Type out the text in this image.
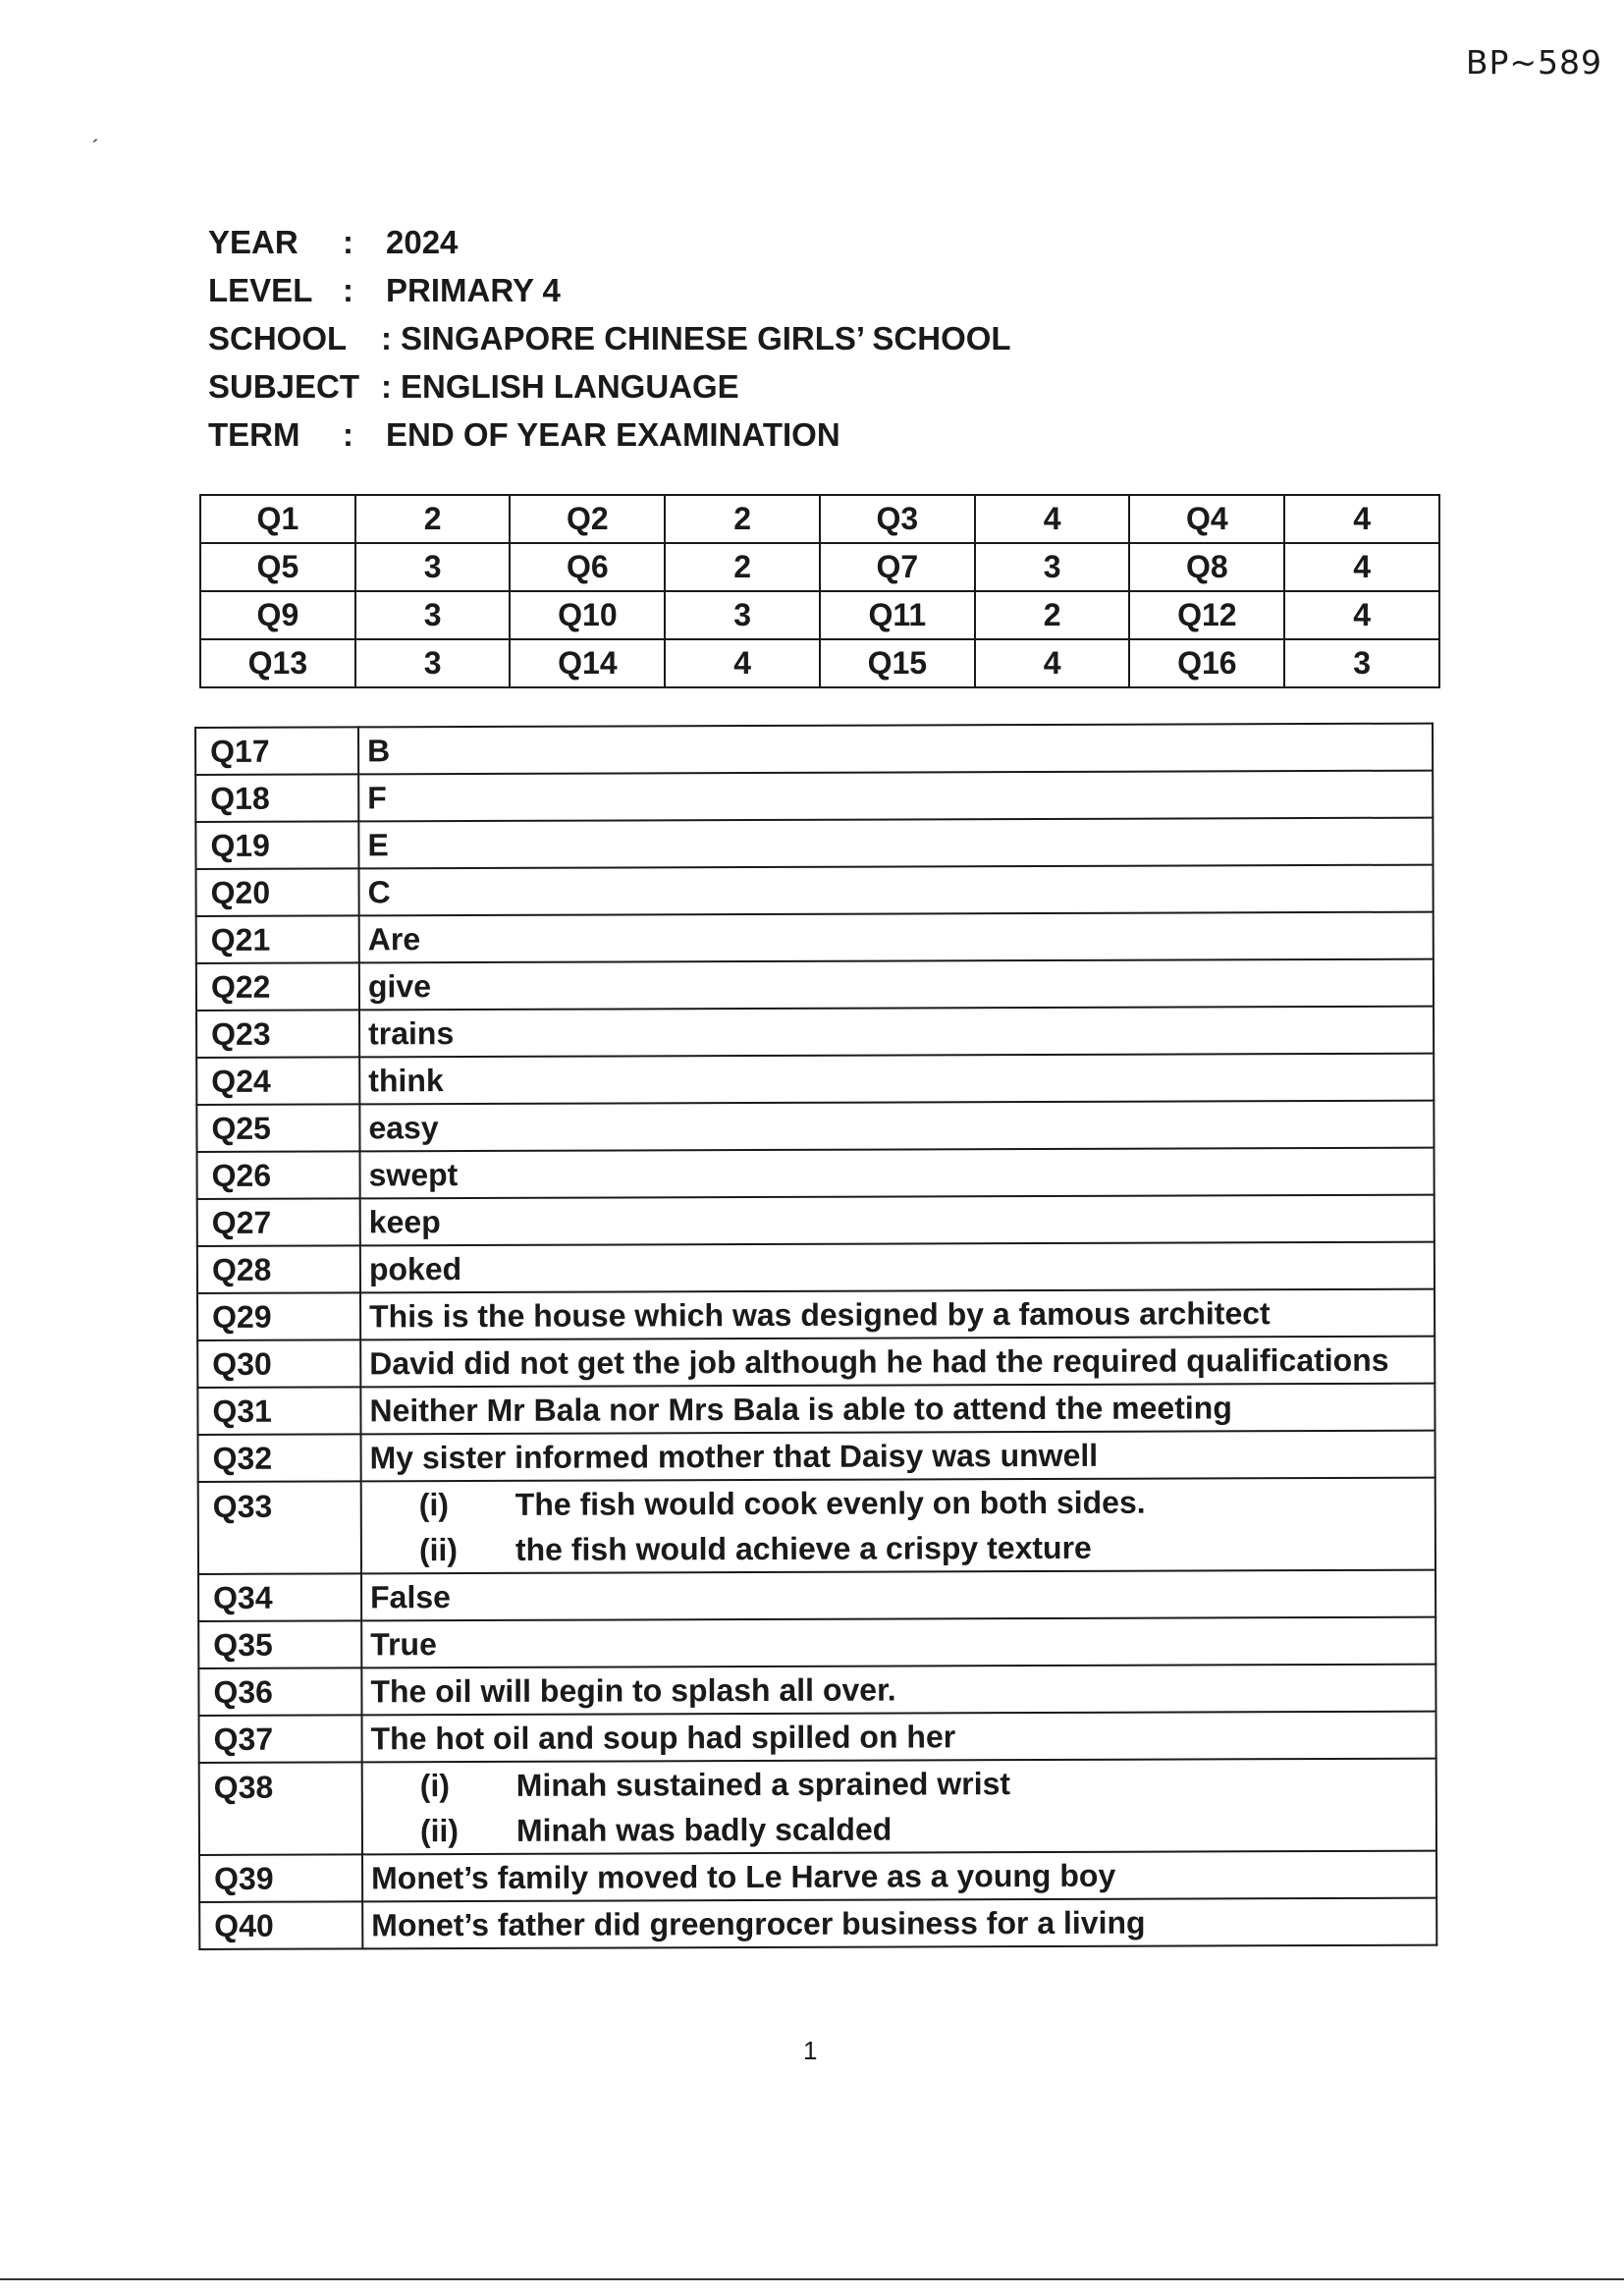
BP~589
´
YEAR	:	2024
LEVEL :	PRIMARY 4
SCHOOL	: SINGAPORE CHINESE GIRLS’ SCHOOL
SUBJECT : ENGLISH LANGUAGE
TERM	:	END OF YEAR EXAMINATION
Q1	2	Q2	2	Q3	4	Q4	4
Q5	3	Q6	2	Q7	3	Q8	4
Q9	3	Q10	3	Q11	2	Q12	4
Q13	3	Q14	4	Q15	4	Q16	3
Q17	B
Q18	F
Q19	E
Q20	C
Q21	Are
Q22	give
Q23	trains
Q24	think
Q25	easy
Q26	swept
Q27	keep
Q28	poked
Q29	This is the house which was designed by a famous architect
Q30	David did not get the job although he had the required qualifications
Q31	Neither Mr Bala nor Mrs Bala is able to attend the meeting
Q32	My sister informed mother that Daisy was unwell
Q33	(i) The fish would cook evenly on both sides.
(ii) the fish would achieve a crispy texture

Q34	False
Q35	True
Q36	The oil will begin to splash all over.
Q37	The hot oil and soup had spilled on her
Q38	(i) Minah sustained a sprained wrist
(ii) Minah was badly scalded

Q39	Monet’s family moved to Le Harve as a young boy
Q40	Monet’s father did greengrocer business for a living
1
